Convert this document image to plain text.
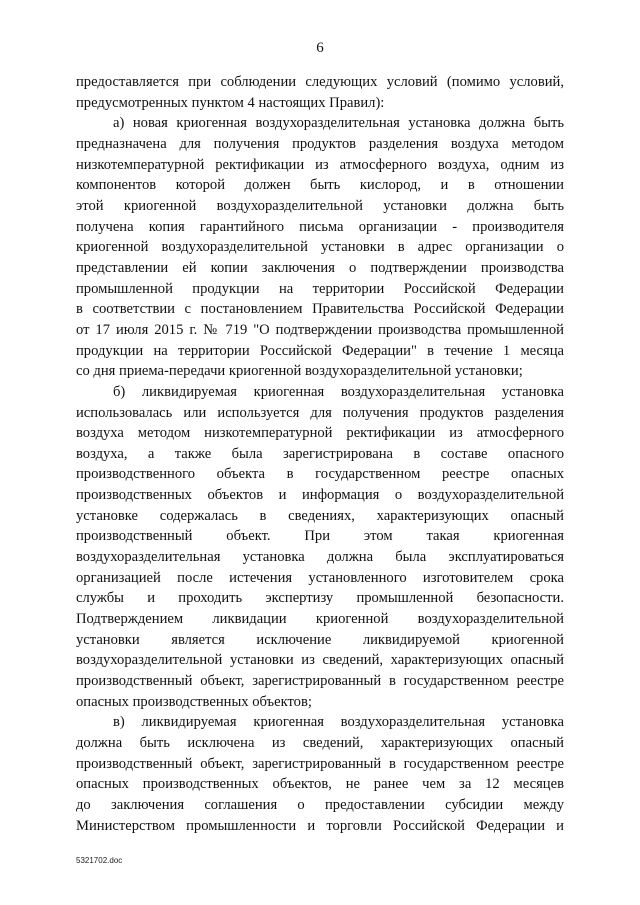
6

предоставляется при соблюдении следующих условий (помимо условий,
предусмотренных пунктом 4 настоящих Правил):

а) новая криогенная воздухоразделительная установка должна быть
предназначена для получения продуктов разделения воздуха методом
низкотемпературной ректификации из атмосферного воздуха, одним из
компонентов которой должен быть кислород, и в отношении
этой криогенной воздухоразделительной установки должна быть
получена копия гарантийного письма организации - производителя
криогенной воздухоразделительной установки в адрес организации о
представлении ей копии заключения о подтверждении производства
промышленной продукции на территории Российской Федерации
в соответствии с постановлением Правительства Российской Федерации
от 17 июля 2015 г. № 719 "О подтверждении производства промышленной
продукции на территории Российской Федерации" в течение 1 месяца
со дня приема-передачи криогенной воздухоразделительной установки;

б) ликвидируемая криогенная воздухоразделительная установка
использовалась или используется для получения продуктов разделения
воздуха методом низкотемпературной ректификации из атмосферного
воздуха, а также была зарегистрирована в составе опасного
производственного объекта в государственном реестре опасных
производственных объектов и информация о воздухоразделительной
установке содержалась в сведениях, характеризующих опасный
производственный объект. При этом такая криогенная
воздухоразделительная установка должна была эксплуатироваться
организацией после истечения установленного изготовителем срока
службы и проходить экспертизу промышленной безопасности.
Подтверждением ликвидации криогенной воздухоразделительной
установки является исключение ликвидируемой криогенной
воздухоразделительной установки из сведений, характеризующих опасный
производственный объект, зарегистрированный в государственном реестре
опасных производственных объектов;

в) ликвидируемая криогенная воздухоразделительная установка
должна быть исключена из сведений, характеризующих опасный
производственный объект, зарегистрированный в государственном реестре
опасных производственных объектов, не ранее чем за 12 месяцев
до заключения соглашения о предоставлении субсидии между
Министерством промышленности и торговли Российской Федерации и

5321702.doc
